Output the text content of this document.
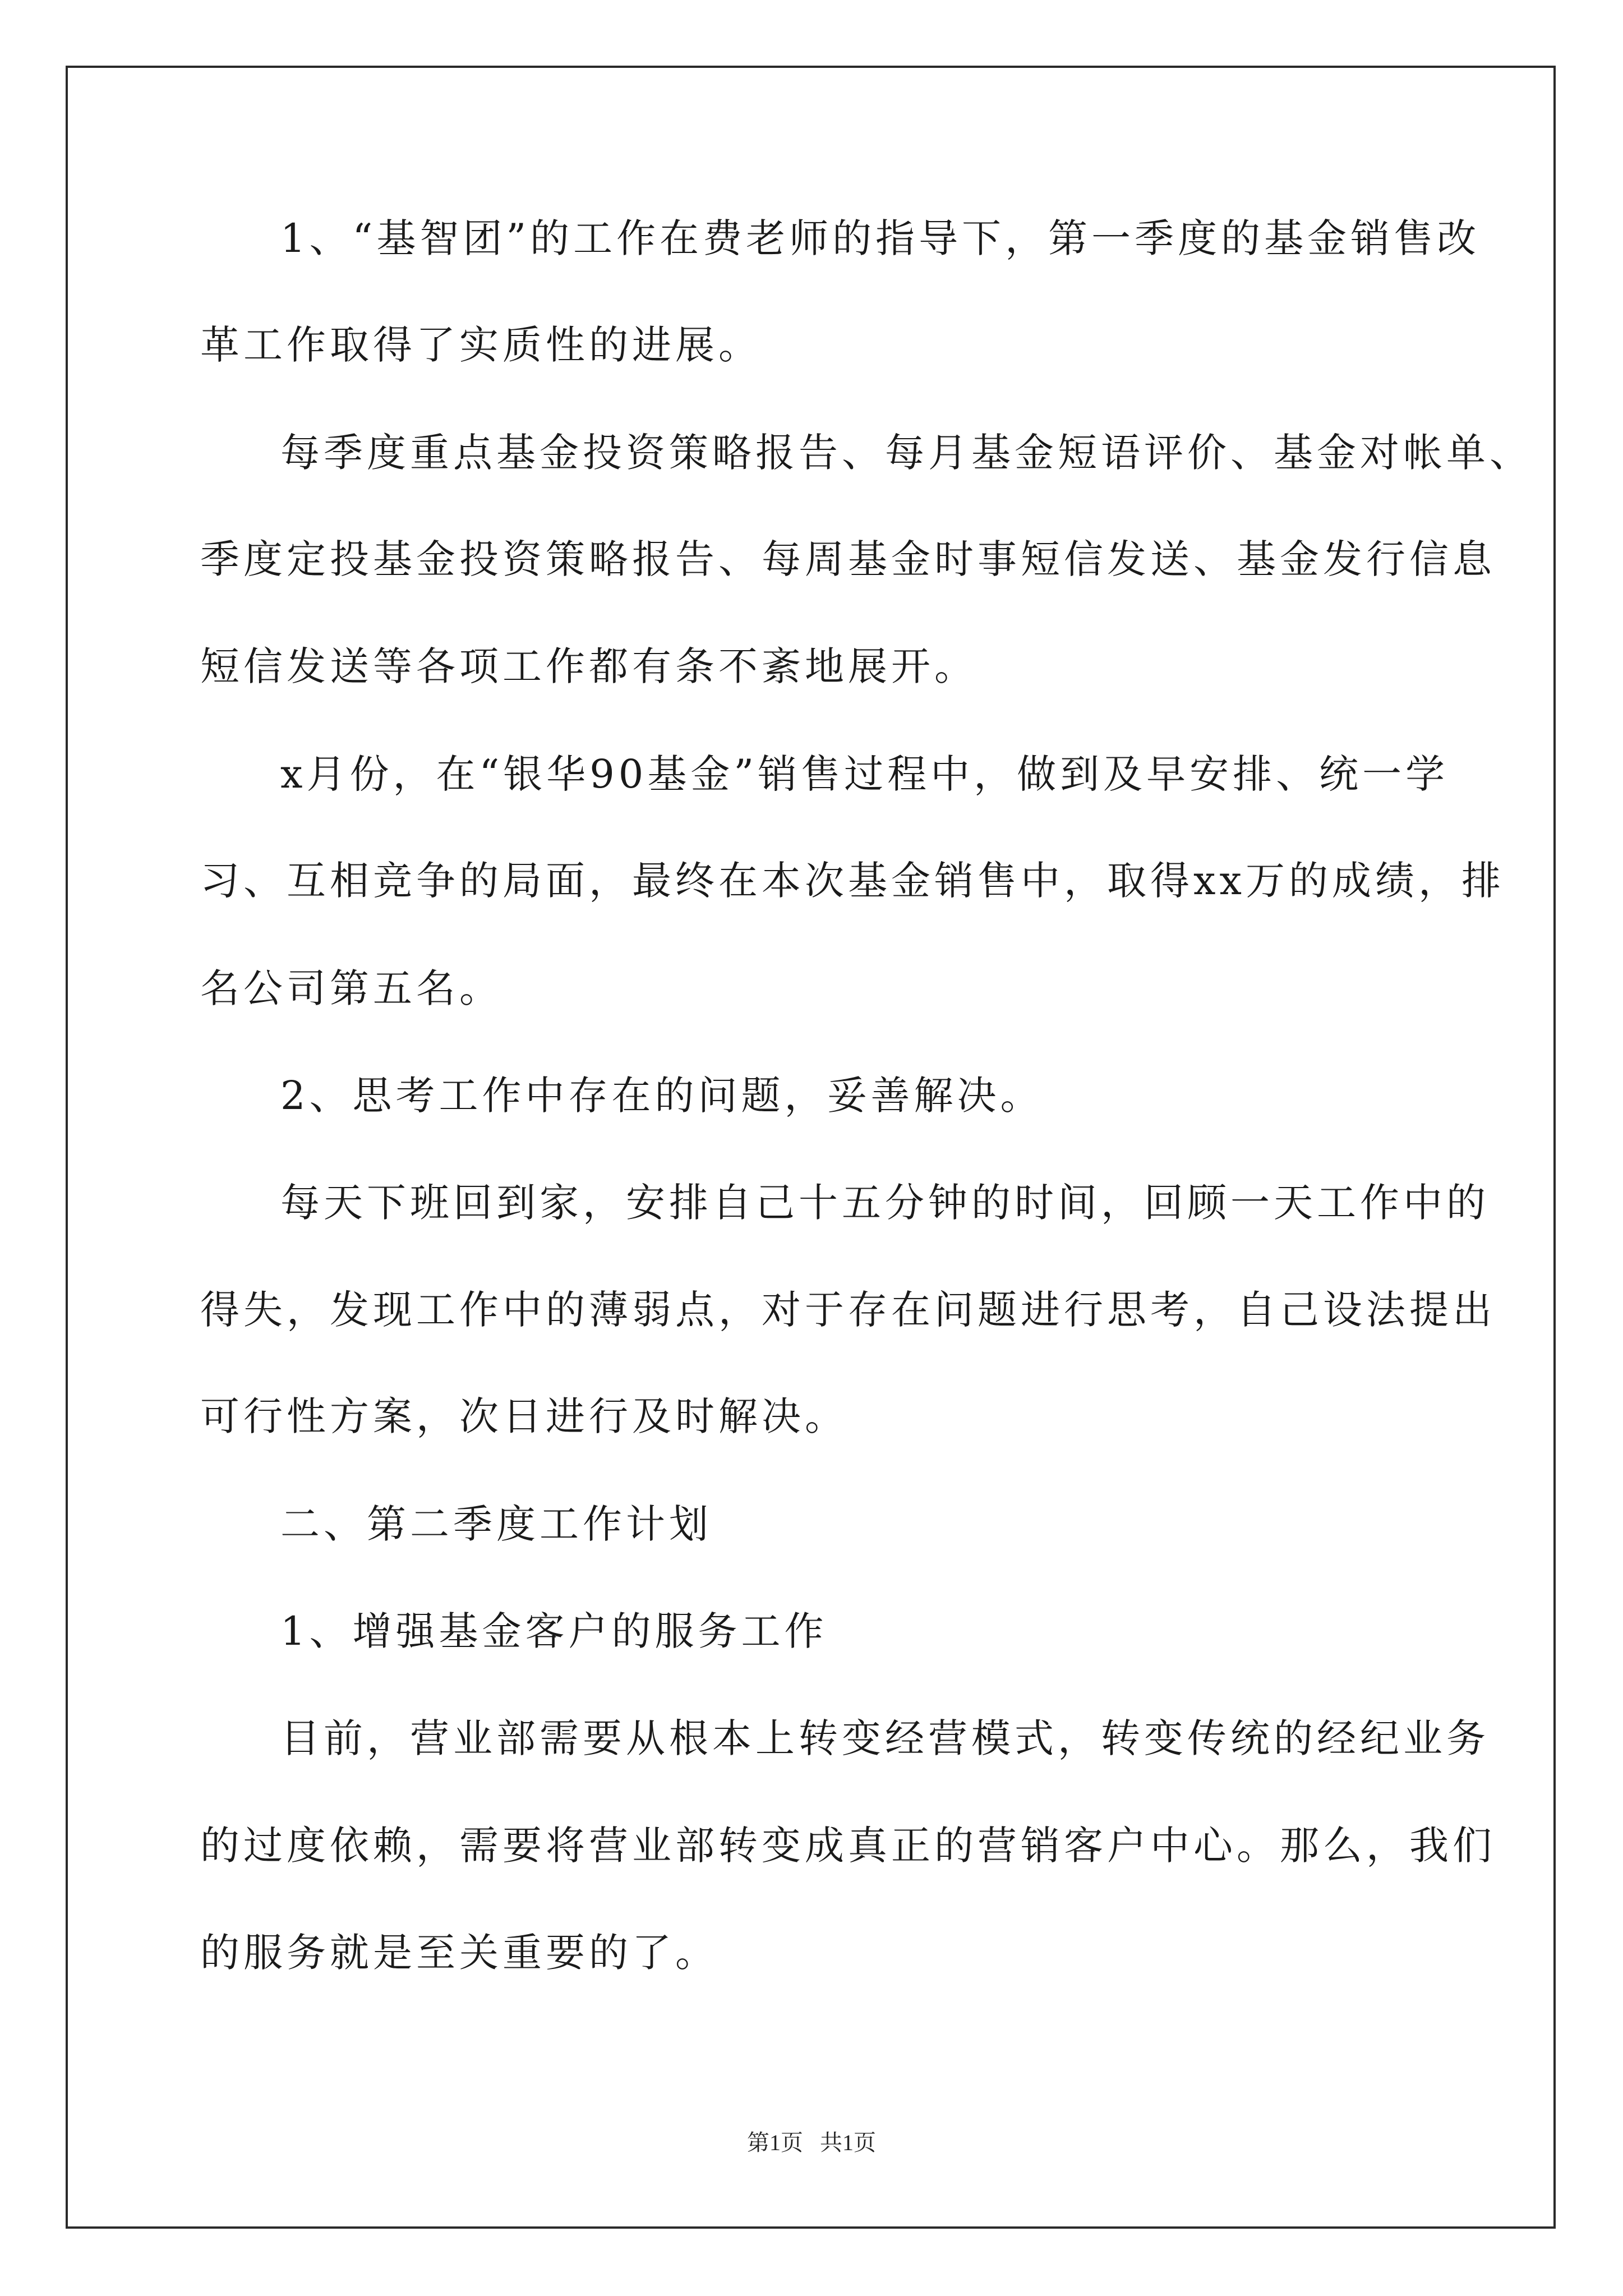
1、“基智团”的工作在费老师的指导下，第一季度的基金销售改
革工作取得了实质性的进展。
每季度重点基金投资策略报告、每月基金短语评价、基金对帐单、
季度定投基金投资策略报告、每周基金时事短信发送、基金发行信息
短信发送等各项工作都有条不紊地展开。
x月份，在“银华90基金”销售过程中，做到及早安排、统一学
习、互相竞争的局面，最终在本次基金销售中，取得xx万的成绩，排
名公司第五名。
2、思考工作中存在的问题，妥善解决。
每天下班回到家，安排自己十五分钟的时间，回顾一天工作中的
得失，发现工作中的薄弱点，对于存在问题进行思考，自己设法提出
可行性方案，次日进行及时解决。
二、第二季度工作计划
1、增强基金客户的服务工作
目前，营业部需要从根本上转变经营模式，转变传统的经纪业务
的过度依赖，需要将营业部转变成真正的营销客户中心。那么，我们
的服务就是至关重要的了。
第1页   共1页
